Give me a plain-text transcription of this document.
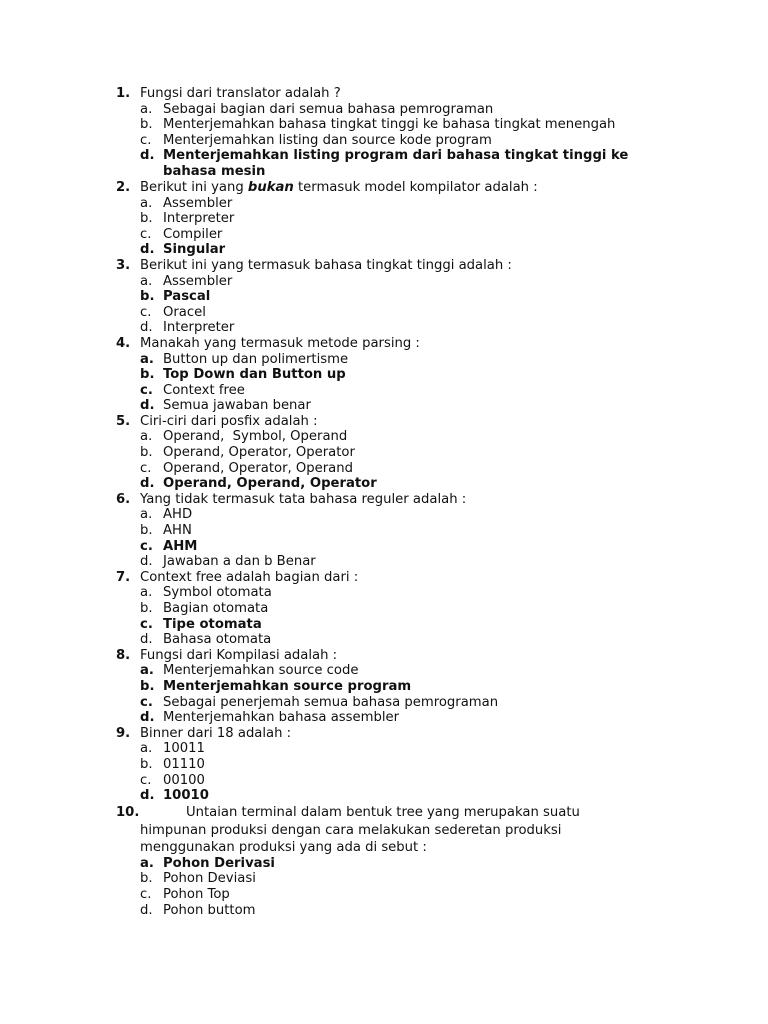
1. Fungsi dari translator adalah ?
a. Sebagai bagian dari semua bahasa pemrograman
b. Menterjemahkan bahasa tingkat tinggi ke bahasa tingkat menengah
c. Menterjemahkan listing dan source kode program
d. Menterjemahkan listing program dari bahasa tingkat tinggi ke
bahasa mesin
2. Berikut ini yang bukan termasuk model kompilator adalah :
a. Assembler
b. Interpreter
c. Compiler
d. Singular
3. Berikut ini yang termasuk bahasa tingkat tinggi adalah :
a. Assembler
b. Pascal
c. Oracel
d. Interpreter
4. Manakah yang termasuk metode parsing :
a. Button up dan polimertisme
b. Top Down dan Button up
c. Context free
d. Semua jawaban benar
5. Ciri-ciri dari posfix adalah :
a. Operand,  Symbol, Operand
b. Operand, Operator, Operator
c. Operand, Operator, Operand
d. Operand, Operand, Operator
6. Yang tidak termasuk tata bahasa reguler adalah :
a. AHD
b. AHN
c. AHM
d. Jawaban a dan b Benar
7. Context free adalah bagian dari :
a. Symbol otomata
b. Bagian otomata
c. Tipe otomata
d. Bahasa otomata
8. Fungsi dari Kompilasi adalah :
a. Menterjemahkan source code
b. Menterjemahkan source program
c. Sebagai penerjemah semua bahasa pemrograman
d. Menterjemahkan bahasa assembler
9. Binner dari 18 adalah :
a. 10011
b. 01110
c. 00100
d. 10010
10.	Untaian terminal dalam bentuk tree yang merupakan suatu
himpunan produksi dengan cara melakukan sederetan produksi
menggunakan produksi yang ada di sebut :
a. Pohon Derivasi
b. Pohon Deviasi
c. Pohon Top
d. Pohon buttom
